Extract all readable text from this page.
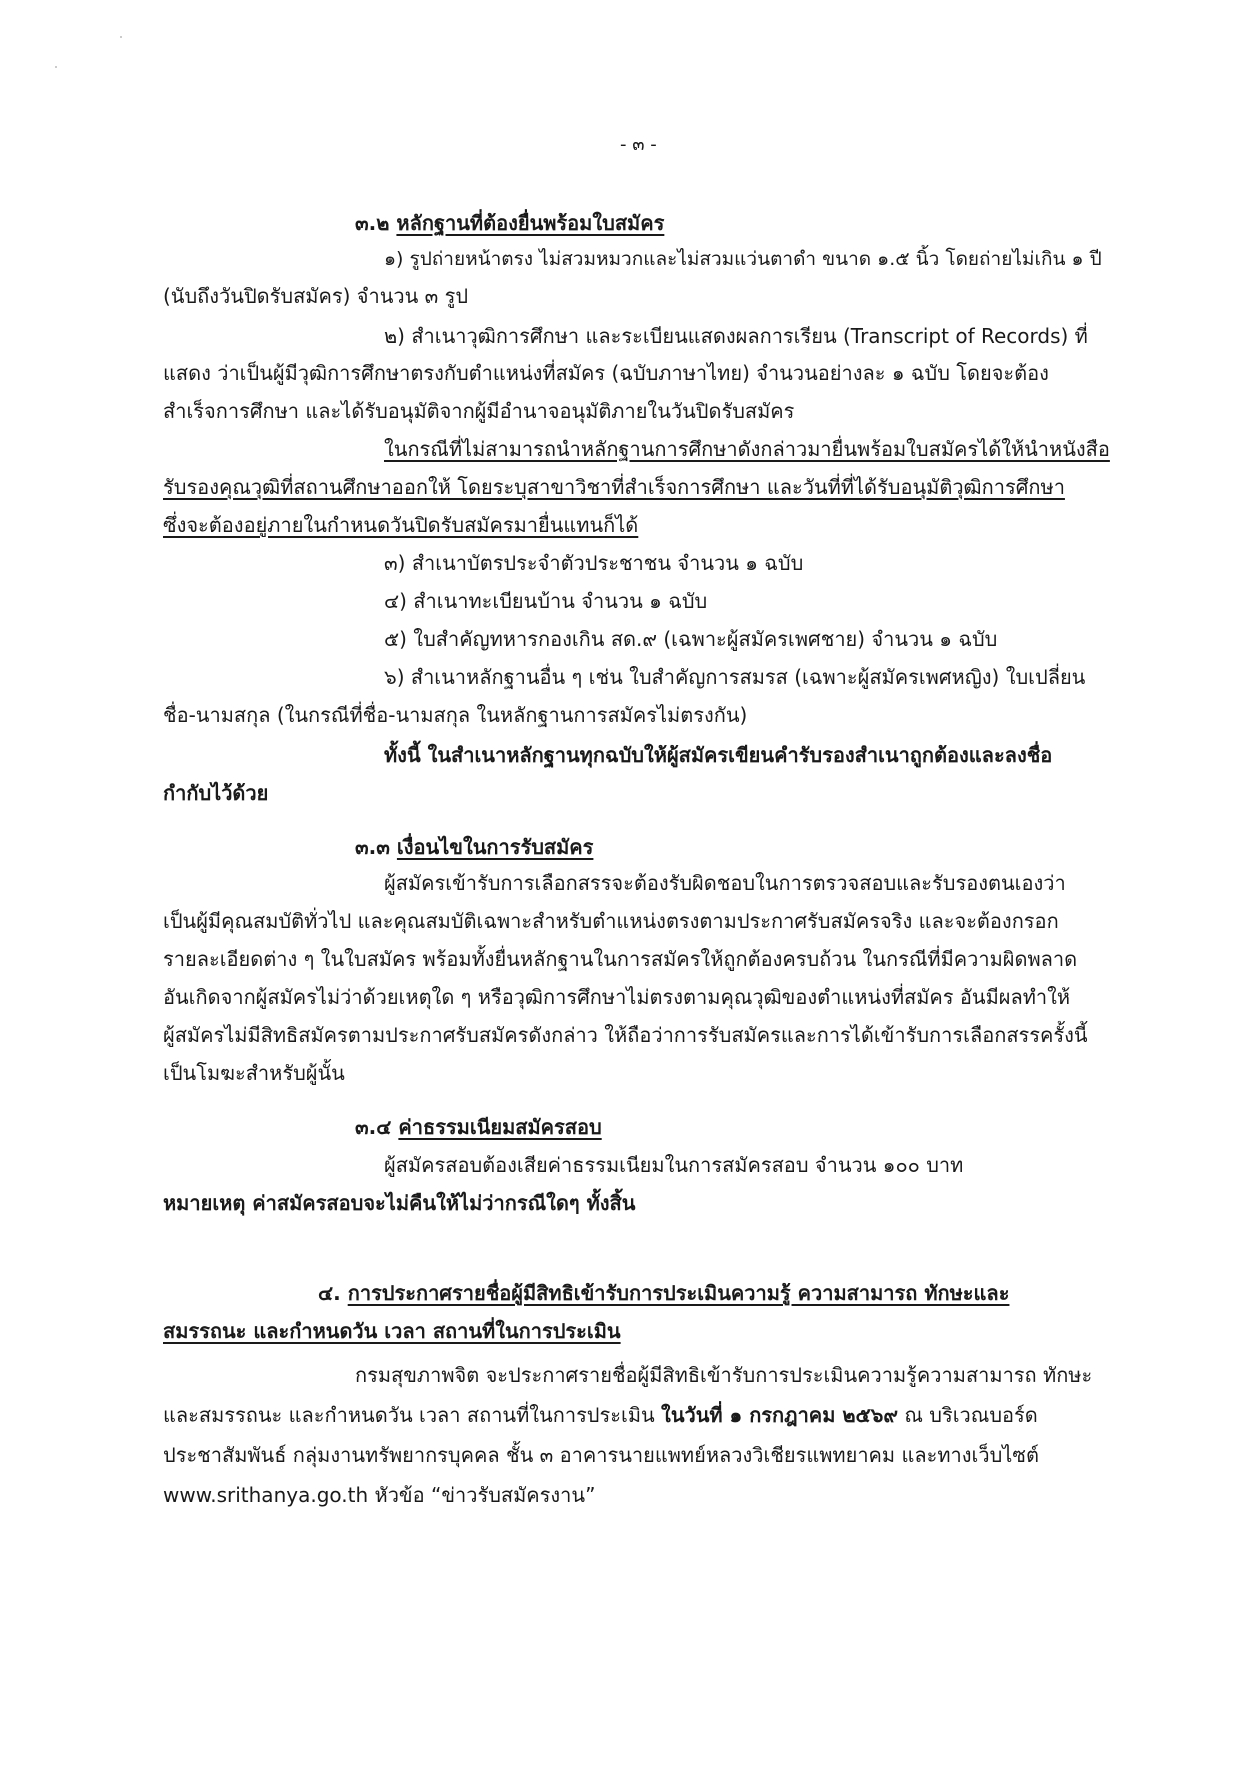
- ๓ -
๓.๒ หลักฐานที่ต้องยื่นพร้อมใบสมัคร
๑) รูปถ่ายหน้าตรง ไม่สวมหมวกและไม่สวมแว่นตาดำ ขนาด ๑.๕ นิ้ว โดยถ่ายไม่เกิน ๑ ปี
(นับถึงวันปิดรับสมัคร) จำนวน ๓ รูป
๒) สำเนาวุฒิการศึกษา และระเบียนแสดงผลการเรียน (Transcript of Records) ที่
แสดง ว่าเป็นผู้มีวุฒิการศึกษาตรงกับตำแหน่งที่สมัคร (ฉบับภาษาไทย) จำนวนอย่างละ ๑ ฉบับ โดยจะต้อง
สำเร็จการศึกษา และได้รับอนุมัติจากผู้มีอำนาจอนุมัติภายในวันปิดรับสมัคร
ในกรณีที่ไม่สามารถนำหลักฐานการศึกษาดังกล่าวมายื่นพร้อมใบสมัครได้ให้นำหนังสือ
รับรองคุณวุฒิที่สถานศึกษาออกให้ โดยระบุสาขาวิชาที่สำเร็จการศึกษา และวันที่ที่ได้รับอนุมัติวุฒิการศึกษา
ซึ่งจะต้องอยู่ภายในกำหนดวันปิดรับสมัครมายื่นแทนก็ได้
๓) สำเนาบัตรประจำตัวประชาชน จำนวน ๑ ฉบับ
๔) สำเนาทะเบียนบ้าน จำนวน ๑ ฉบับ
๕) ใบสำคัญทหารกองเกิน สด.๙ (เฉพาะผู้สมัครเพศชาย) จำนวน ๑ ฉบับ
๖) สำเนาหลักฐานอื่น ๆ เช่น ใบสำคัญการสมรส (เฉพาะผู้สมัครเพศหญิง) ใบเปลี่ยน
ชื่อ-นามสกุล (ในกรณีที่ชื่อ-นามสกุล ในหลักฐานการสมัครไม่ตรงกัน)
ทั้งนี้ ในสำเนาหลักฐานทุกฉบับให้ผู้สมัครเขียนคำรับรองสำเนาถูกต้องและลงชื่อ
กำกับไว้ด้วย
๓.๓ เงื่อนไขในการรับสมัคร
ผู้สมัครเข้ารับการเลือกสรรจะต้องรับผิดชอบในการตรวจสอบและรับรองตนเองว่า
เป็นผู้มีคุณสมบัติทั่วไป และคุณสมบัติเฉพาะสำหรับตำแหน่งตรงตามประกาศรับสมัครจริง และจะต้องกรอก
รายละเอียดต่าง ๆ ในใบสมัคร พร้อมทั้งยื่นหลักฐานในการสมัครให้ถูกต้องครบถ้วน ในกรณีที่มีความผิดพลาด
อันเกิดจากผู้สมัครไม่ว่าด้วยเหตุใด ๆ หรือวุฒิการศึกษาไม่ตรงตามคุณวุฒิของตำแหน่งที่สมัคร อันมีผลทำให้
ผู้สมัครไม่มีสิทธิสมัครตามประกาศรับสมัครดังกล่าว ให้ถือว่าการรับสมัครและการได้เข้ารับการเลือกสรรครั้งนี้
เป็นโมฆะสำหรับผู้นั้น
๓.๔ ค่าธรรมเนียมสมัครสอบ
ผู้สมัครสอบต้องเสียค่าธรรมเนียมในการสมัครสอบ จำนวน ๑๐๐ บาท
หมายเหตุ ค่าสมัครสอบจะไม่คืนให้ไม่ว่ากรณีใดๆ ทั้งสิ้น
๔. การประกาศรายชื่อผู้มีสิทธิเข้ารับการประเมินความรู้ ความสามารถ ทักษะและ
สมรรถนะ และกำหนดวัน เวลา สถานที่ในการประเมิน
กรมสุขภาพจิต จะประกาศรายชื่อผู้มีสิทธิเข้ารับการประเมินความรู้ความสามารถ ทักษะ
และสมรรถนะ และกำหนดวัน เวลา สถานที่ในการประเมิน ในวันที่ ๑ กรกฎาคม ๒๕๖๙ ณ บริเวณบอร์ด
ประชาสัมพันธ์ กลุ่มงานทรัพยากรบุคคล ชั้น ๓ อาคารนายแพทย์หลวงวิเชียรแพทยาคม และทางเว็บไซต์
www.srithanya.go.th หัวข้อ “ข่าวรับสมัครงาน”
